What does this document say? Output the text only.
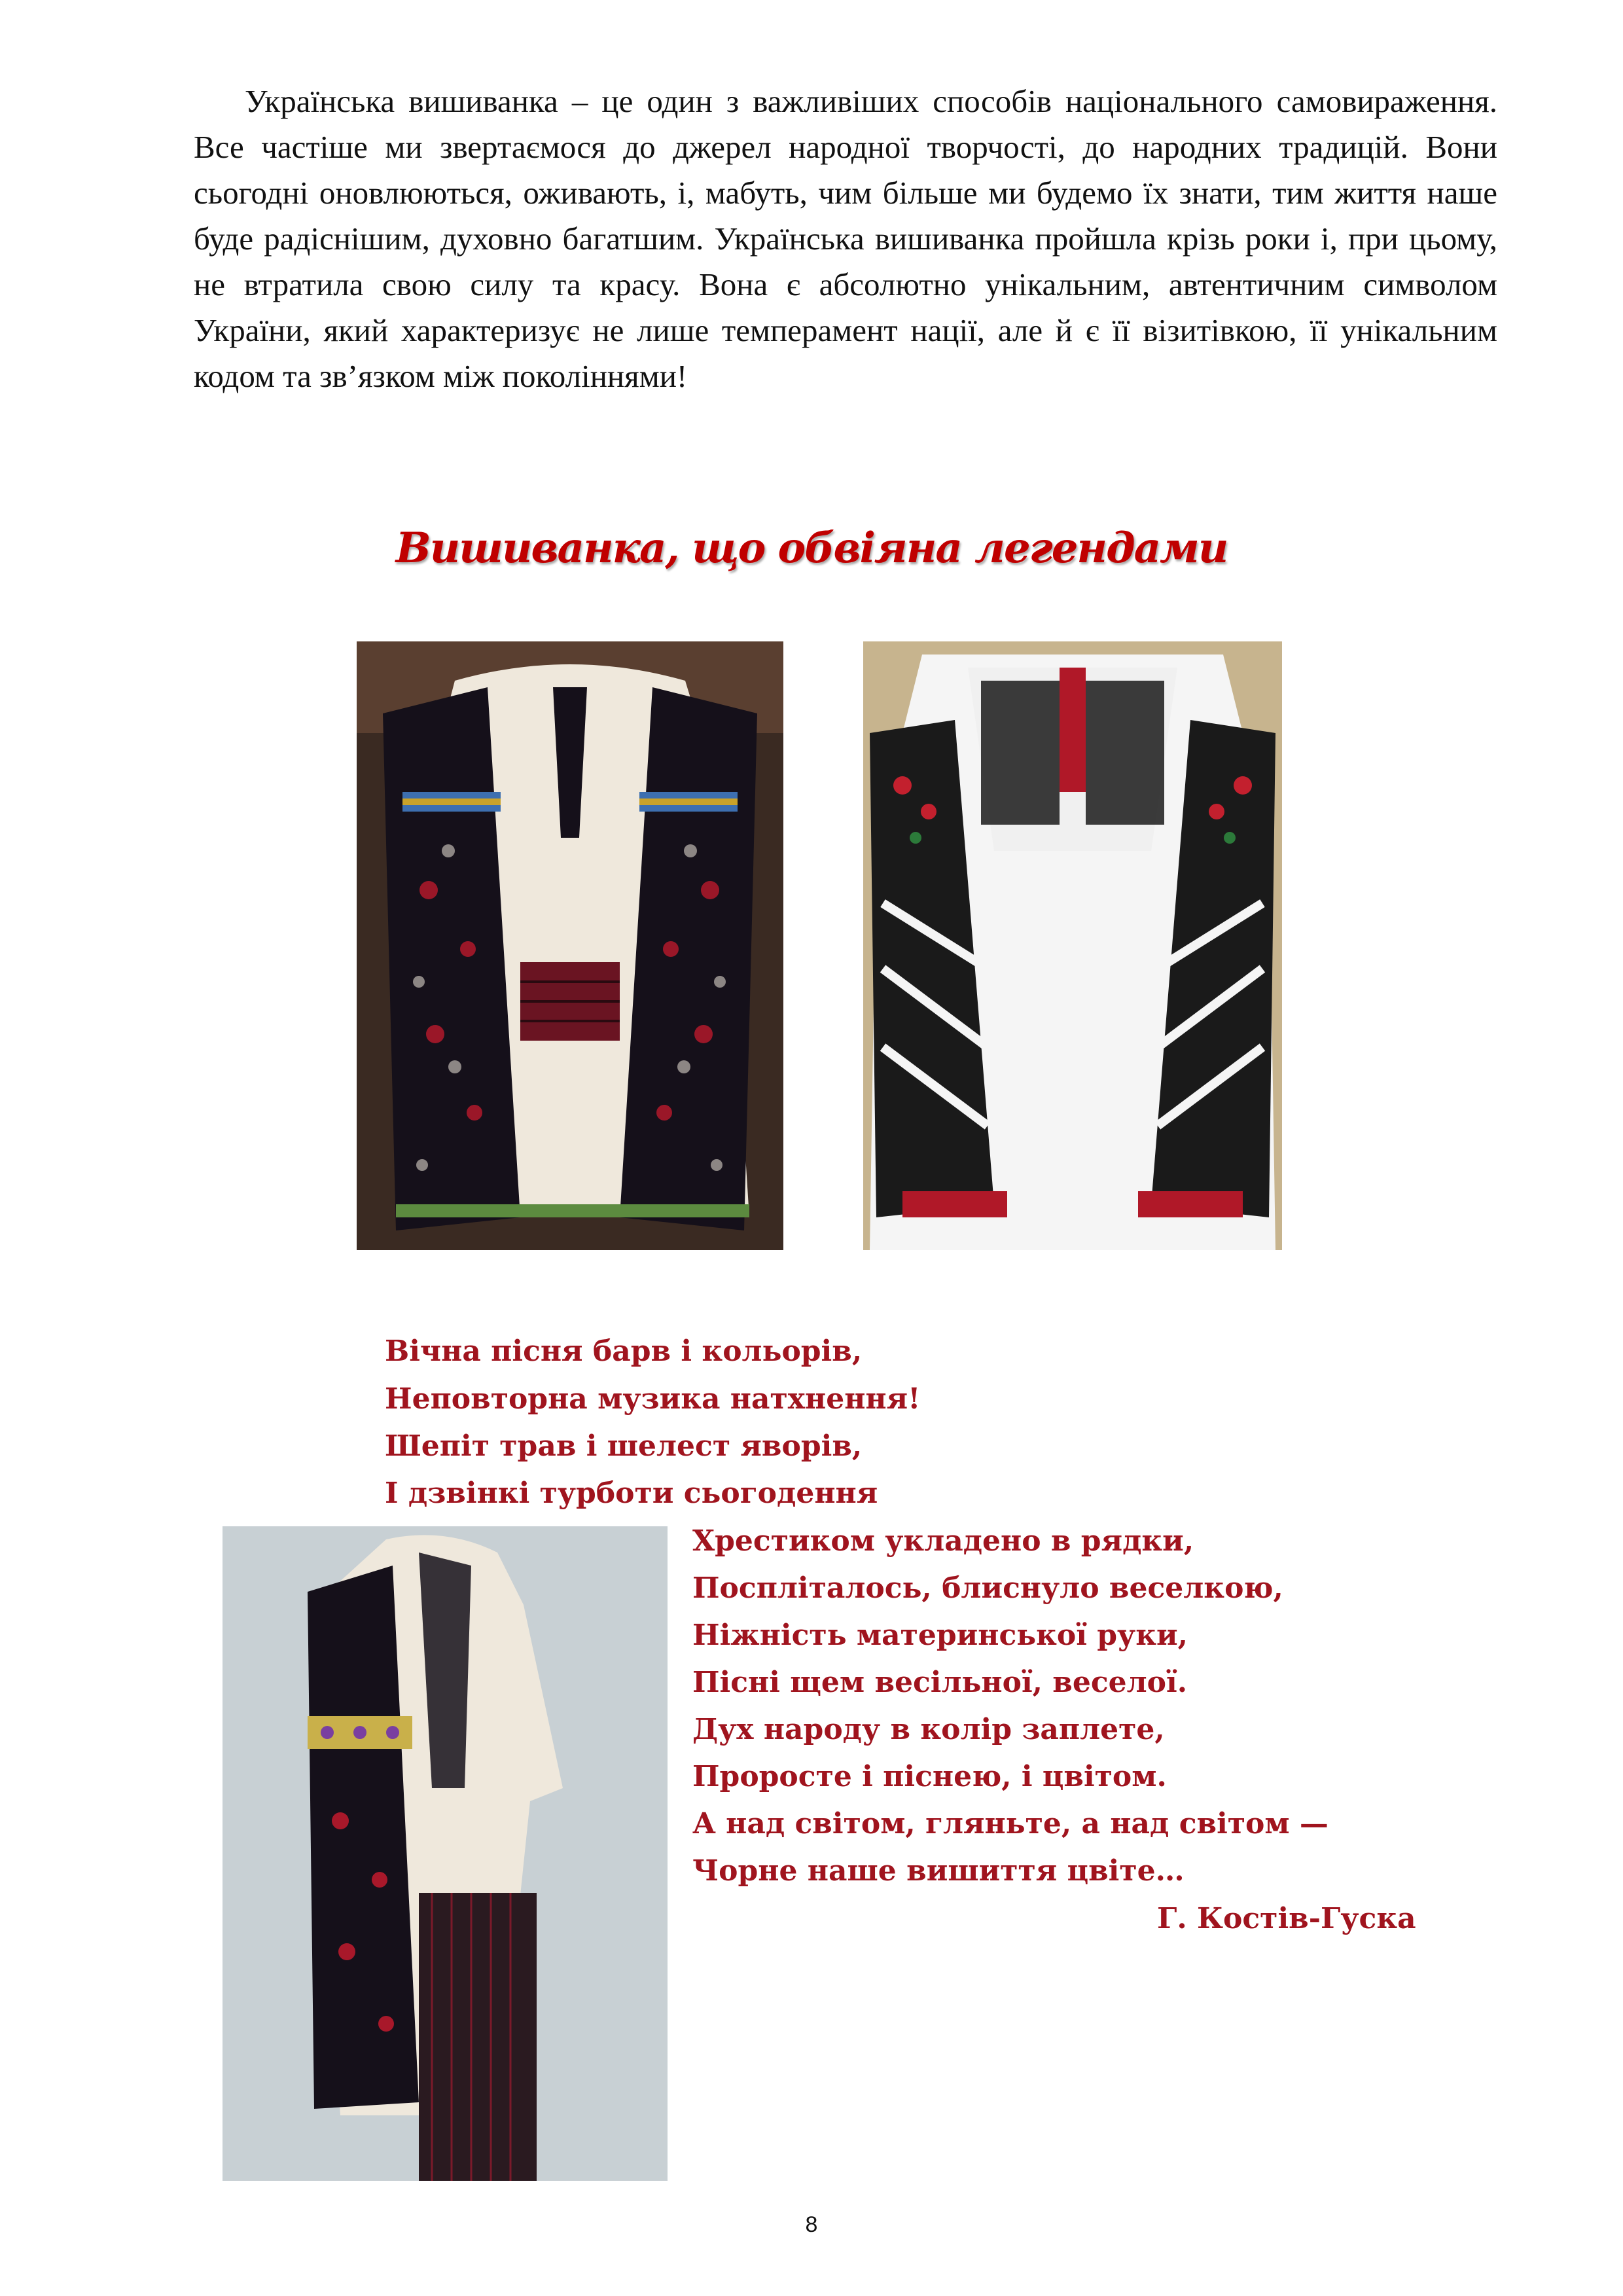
Українська вишиванка – це один з важливіших способів національного самовираження. Все частіше ми звертаємося до джерел народної творчості, до народних традицій. Вони сьогодні оновлюються, оживають, і, мабуть, чим більше ми будемо їх знати, тим життя наше буде радіснішим, духовно багатшим. Українська вишиванка пройшла крізь роки і, при цьому, не втратила свою силу та красу. Вона є абсолютно унікальним, автентичним символом України, який характеризує не лише темперамент нації, але й є її візитівкою, її унікальним кодом та зв’язком між поколіннями!

Вишиванка, що обвіяна легендами
Вічна пісня барв і кольорів,
Неповторна музика натхнення!
Шепіт трав і шелест яворів,
І дзвінкі турботи сьогодення
Хрестиком укладено в рядки,
Поспліталось, блиснуло веселкою,
Ніжність материнської руки,
Пісні щем весільної, веселої.
Дух народу в колір заплете,
Проросте і піснею, і цвітом.
А над світом, гляньте, а над світом —
Чорне наше вишиття цвіте…
Г. Костів-Гуска
8
